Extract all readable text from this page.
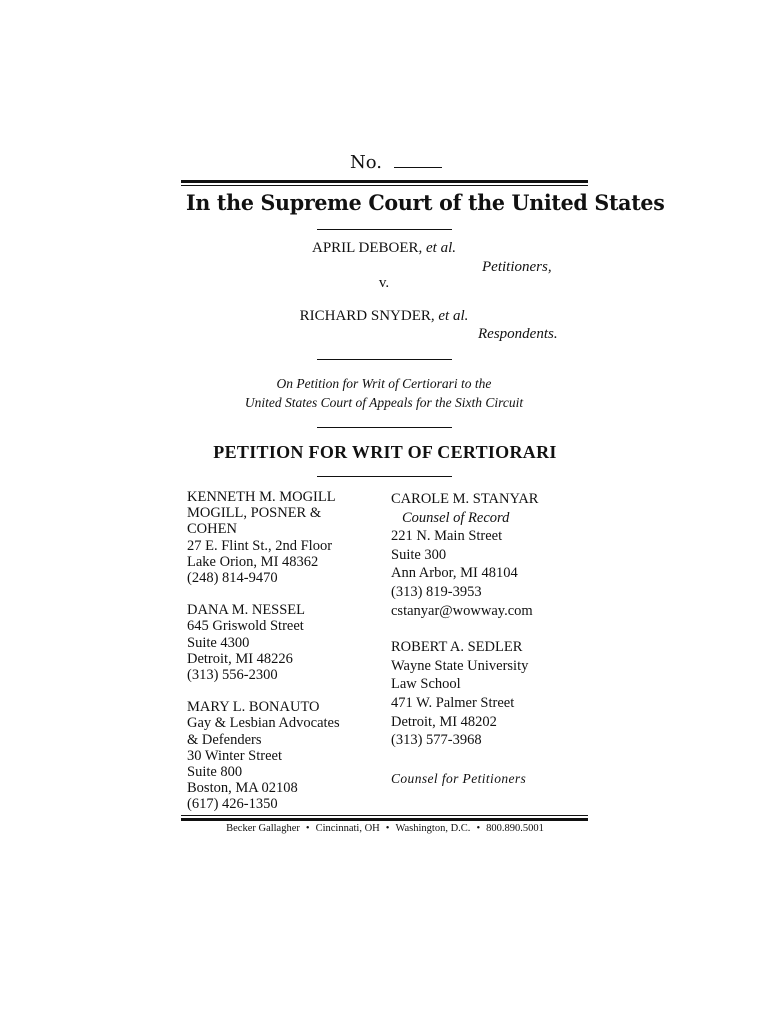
No.
In the Supreme Court of the United States
APRIL DEBOER, et al.
Petitioners,
v.
RICHARD SNYDER, et al.
Respondents.
On Petition for Writ of Certiorari to the
United States Court of Appeals for the Sixth Circuit
PETITION FOR WRIT OF CERTIORARI
KENNETH M. MOGILL
MOGILL, POSNER &
COHEN
27 E. Flint St., 2nd Floor
Lake Orion, MI 48362
(248) 814-9470
DANA M. NESSEL
645 Griswold Street
Suite 4300
Detroit, MI 48226
(313) 556-2300
MARY L. BONAUTO
Gay & Lesbian Advocates
& Defenders
30 Winter Street
Suite 800
Boston, MA 02108
(617) 426-1350
CAROLE M. STANYAR
Counsel of Record
221 N. Main Street
Suite 300
Ann Arbor, MI 48104
(313) 819-3953
cstanyar@wowway.com
ROBERT A. SEDLER
Wayne State University
Law School
471 W. Palmer Street
Detroit, MI 48202
(313) 577-3968
Counsel for Petitioners
Becker Gallagher • Cincinnati, OH • Washington, D.C. • 800.890.5001
